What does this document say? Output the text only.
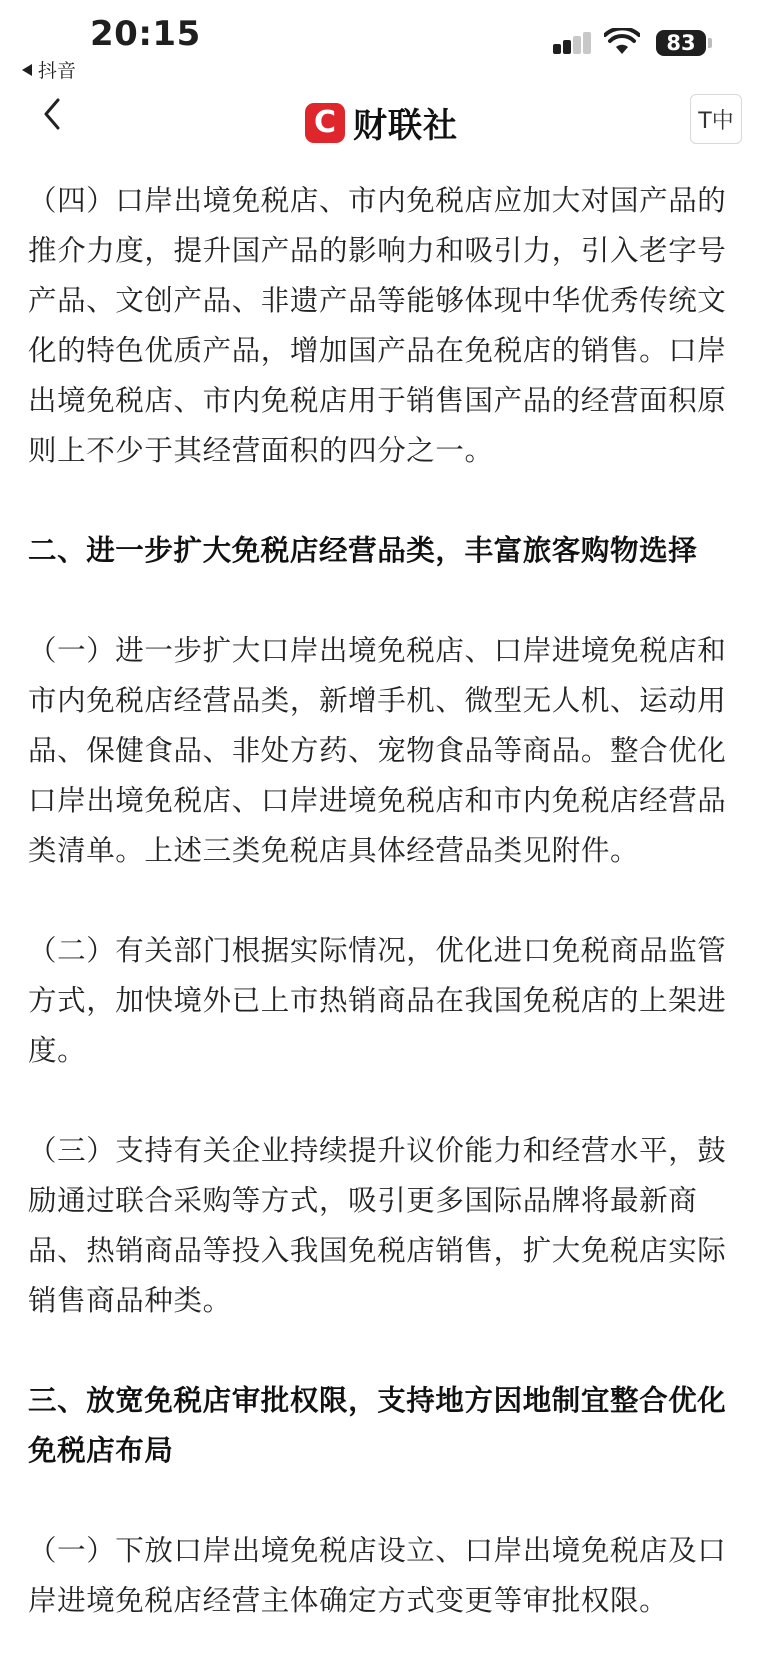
20:15
抖音
83
C 财联社	T中

（四）口岸出境免税店、市内免税店应加大对国产品的推介力度，提升国产品的影响力和吸引力，引入老字号产品、文创产品、非遗产品等能够体现中华优秀传统文化的特色优质产品，增加国产品在免税店的销售。口岸出境免税店、市内免税店用于销售国产品的经营面积原则上不少于其经营面积的四分之一。

二、进一步扩大免税店经营品类，丰富旅客购物选择

（一）进一步扩大口岸出境免税店、口岸进境免税店和市内免税店经营品类，新增手机、微型无人机、运动用品、保健食品、非处方药、宠物食品等商品。整合优化口岸出境免税店、口岸进境免税店和市内免税店经营品类清单。上述三类免税店具体经营品类见附件。

（二）有关部门根据实际情况，优化进口免税商品监管方式，加快境外已上市热销商品在我国免税店的上架进度。

（三）支持有关企业持续提升议价能力和经营水平，鼓励通过联合采购等方式，吸引更多国际品牌将最新商品、热销商品等投入我国免税店销售，扩大免税店实际销售商品种类。

三、放宽免税店审批权限，支持地方因地制宜整合优化免税店布局

（一）下放口岸出境免税店设立、口岸出境免税店及口岸进境免税店经营主体确定方式变更等审批权限。
